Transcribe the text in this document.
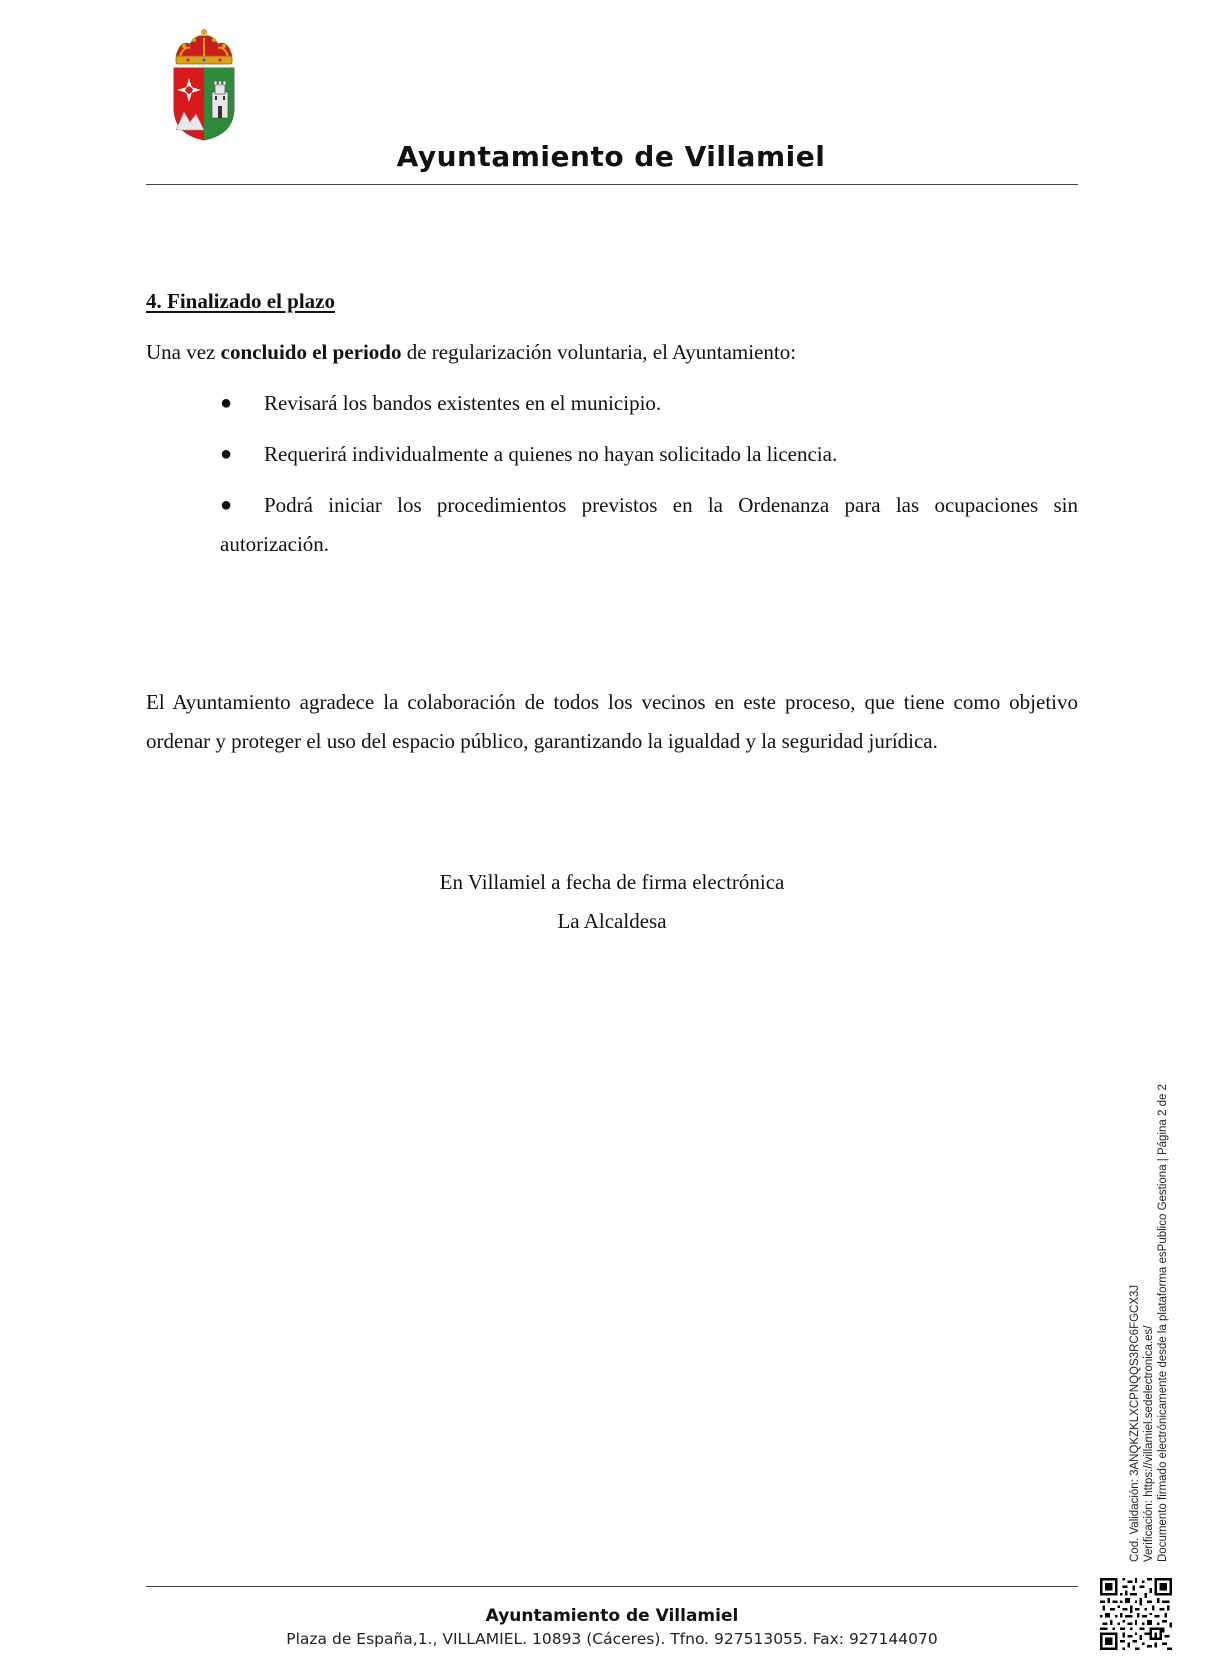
Ayuntamiento de Villamiel
4. Finalizado el plazo
Una vez concluido el periodo de regularización voluntaria, el Ayuntamiento:
● Revisará los bandos existentes en el municipio.
● Requerirá individualmente a quienes no hayan solicitado la licencia.
● Podrá iniciar los procedimientos previstos en la Ordenanza para las ocupaciones sin autorización.
El Ayuntamiento agradece la colaboración de todos los vecinos en este proceso, que tiene como objetivo ordenar y proteger el uso del espacio público, garantizando la igualdad y la seguridad jurídica.
En Villamiel a fecha de firma electrónica
La Alcaldesa
Cod. Validación: 3ANQKZKLXCPNQQS3RC6FGCX3J Verificación: https://villamiel.sedelectronica.es/ Documento firmado electrónicamente desde la plataforma esPublico Gestiona | Página 2 de 2
Ayuntamiento de Villamiel
Plaza de España,1., VILLAMIEL. 10893 (Cáceres). Tfno. 927513055. Fax: 927144070
